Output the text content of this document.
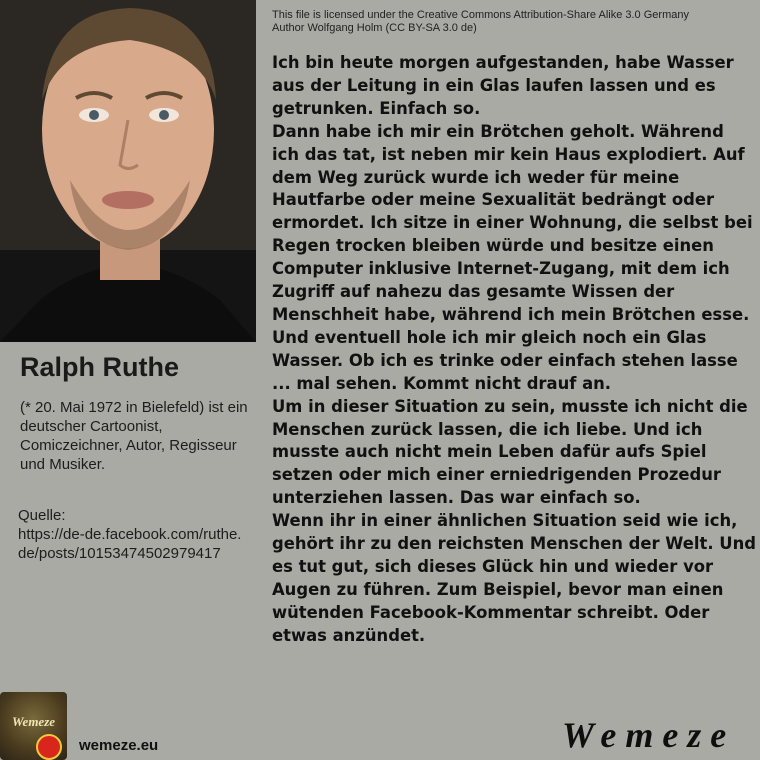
This file is licensed under the Creative Commons Attribution-Share Alike 3.0 Germany
Author Wolfgang Holm (CC BY-SA 3.0 de)
Ralph Ruthe
(* 20. Mai 1972 in Bielefeld) ist ein deutscher Cartoonist, Comiczeichner, Autor, Regisseur und Musiker.
Quelle:
https://de-de.facebook.com/ruthe.de/posts/10153474502979417

Ich bin heute morgen aufgestanden, habe Wasser aus der Leitung in ein Glas laufen lassen und es getrunken. Einfach so.

Dann habe ich mir ein Brötchen geholt. Während ich das tat, ist neben mir kein Haus explodiert. Auf dem Weg zurück wurde ich weder für meine Hautfarbe oder meine Sexualität bedrängt oder ermordet. Ich sitze in einer Wohnung, die selbst bei Regen trocken bleiben würde und besitze einen Computer inklusive Internet-Zugang, mit dem ich Zugriff auf nahezu das gesamte Wissen der Menschheit habe, während ich mein Brötchen esse. Und eventuell hole ich mir gleich noch ein Glas Wasser. Ob ich es trinke oder einfach stehen lasse ... mal sehen. Kommt nicht drauf an.

Um in dieser Situation zu sein, musste ich nicht die Menschen zurück lassen, die ich liebe. Und ich musste auch nicht mein Leben dafür aufs Spiel setzen oder mich einer erniedrigenden Prozedur unterziehen lassen. Das war einfach so.

Wenn ihr in einer ähnlichen Situation seid wie ich, gehört ihr zu den reichsten Menschen der Welt. Und es tut gut, sich dieses Glück hin und wieder vor Augen zu führen. Zum Beispiel, bevor man einen wütenden Facebook-Kommentar schreibt. Oder etwas anzündet.

Wemeze
wemeze.eu	Wemeze
